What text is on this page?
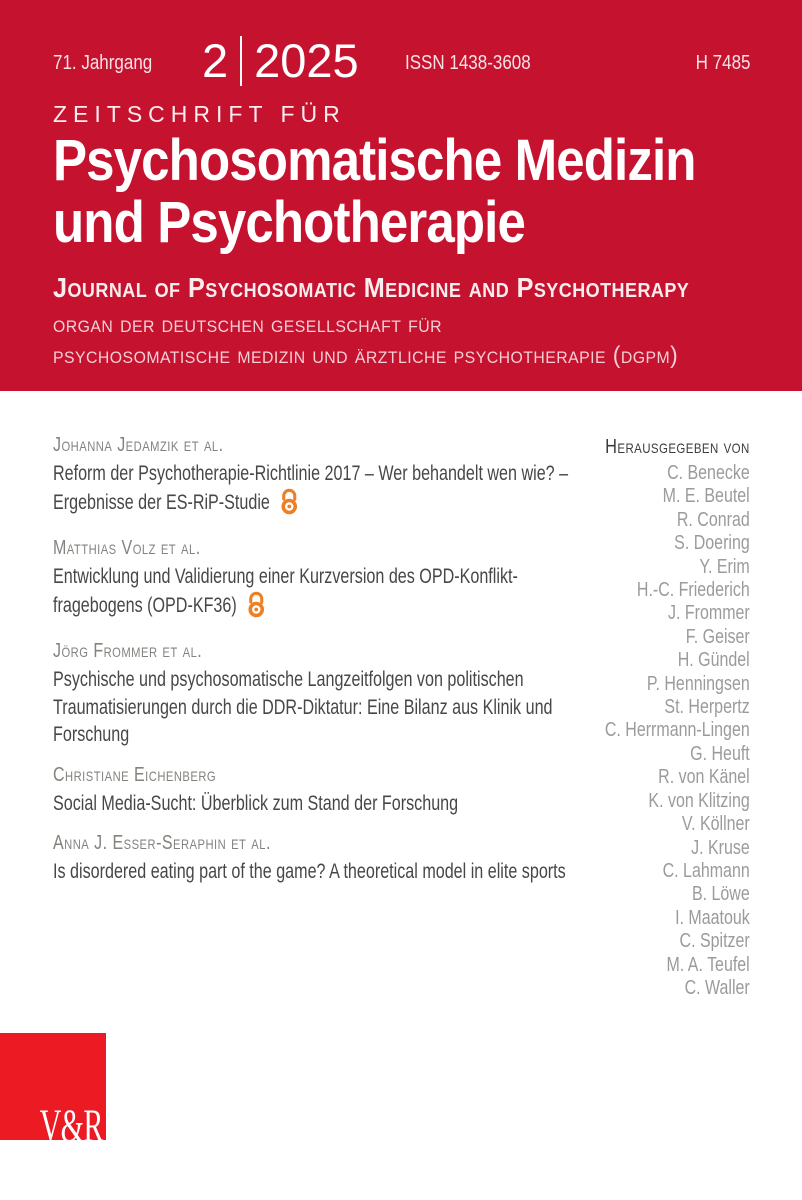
71. Jahrgang 2 2025 ISSN 1438-3608	H 7485
ZEITSCHRIFT FÜR
Psychosomatische Medizin
und Psychotherapie
Journal of Psychosomatic Medicine and Psychotherapy
organ der deutschen gesellschaft für
psychosomatische medizin und ärztliche psychotherapie (dgpm)
Johanna Jedamzik et al.
Reform der Psychotherapie-Richtlinie 2017 – Wer behandelt wen wie? –
Ergebnisse der ES-RiP-Studie
Matthias Volz et al.
Entwicklung und Validierung einer Kurzversion des OPD-Konflikt-
fragebogens (OPD-KF36)
Jörg Frommer et al.
Psychische und psychosomatische Langzeitfolgen von politischen
Traumatisierungen durch die DDR-Diktatur: Eine Bilanz aus Klinik und
Forschung
Christiane Eichenberg
Social Media-Sucht: Überblick zum Stand der Forschung
Anna J. Esser-Seraphin et al.
Is disordered eating part of the game? A theoretical model in elite sports
Herausgegeben von
C. Benecke
M. E. Beutel
R. Conrad
S. Doering
Y. Erim
H.-C. Friederich
J. Frommer
F. Geiser
H. Gündel
P. Henningsen
St. Herpertz
C. Herrmann-Lingen
G. Heuft
R. von Känel
K. von Klitzing
V. Köllner
J. Kruse
C. Lahmann
B. Löwe
I. Maatouk
C. Spitzer
M. A. Teufel
C. Waller
V&R
